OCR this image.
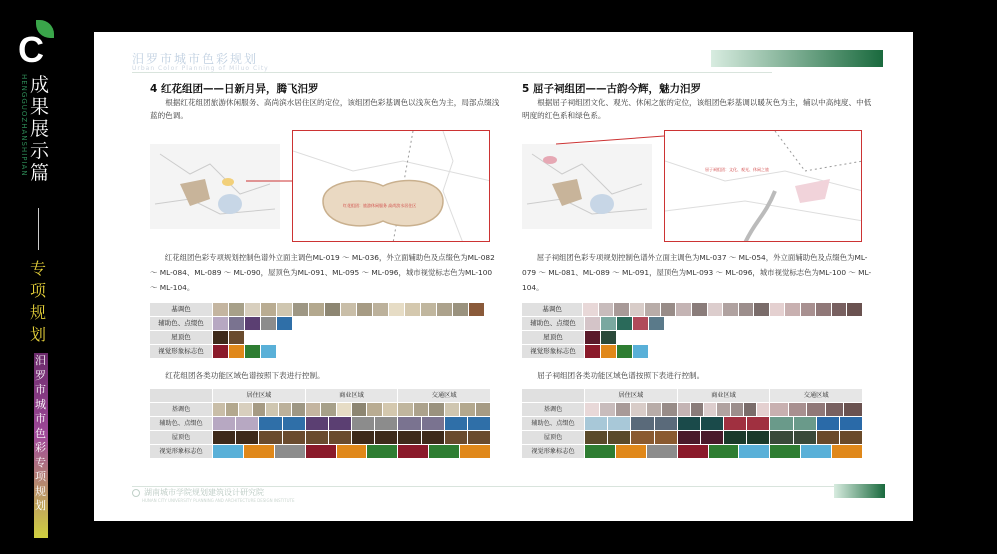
C
HENGGUOZHANSHIPIAN 成果展示篇
专项规划
汨罗市城市色彩专项规划
汨罗市城市色彩规划
Urban Color Planning of Miluo City
4 红花组团——日新月异，腾飞汨罗

根据红花组团旅游休闲服务、高尚滨水居住区的定位，该组团色彩基调色以浅灰色为主，局部点缀浅蓝的色调。

红花组团：旅游休闲服务 高尚滨水居住区
红花组团色彩专项规划控制色谱外立面主调色ML-019 ～ ML-036，外立面辅助色及点缀色为ML-082 ～ ML-084、ML-089 ～ ML-090，屋顶色为ML-091、ML-095 ～ ML-096，城市视觉标志色为ML-100 ～ ML-104。
基调色
辅助色、点缀色
屋顶色
视觉形象标志色
红花组团各类功能区域色谱按照下表进行控制。
居住区域	商业区域	交通区域
基调色
辅助色、点缀色
屋顶色
视觉形象标志色
5 屈子祠组团——古韵今辉，魅力汨罗

根据屈子祠组团文化、观光、休闲之旅的定位，该组团色彩基调以暖灰色为主，辅以中高纯度、中低明度的红色系和绿色系。

屈子祠组团：文化、观光、休闲之旅
屈子祠组团色彩专项规划控制色谱外立面主调色为ML-037 ～ ML-054，外立面辅助色及点缀色为ML-079 ～ ML-081、ML-089 ～ ML-091，屋顶色为ML-093 ～ ML-096，城市视觉标志色为ML-100 ～ ML-104。
基调色
辅助色、点缀色
屋顶色
视觉形象标志色
屈子祠组团各类功能区域色谱按照下表进行控制。
居住区域	商业区域	交通区域
基调色
辅助色、点缀色
屋顶色
视觉形象标志色
湖南城市学院规划建筑设计研究院
HUNAN CITY UNIVERSITY PLANNING AND ARCHITECTURE DESIGN INSTITUTE
